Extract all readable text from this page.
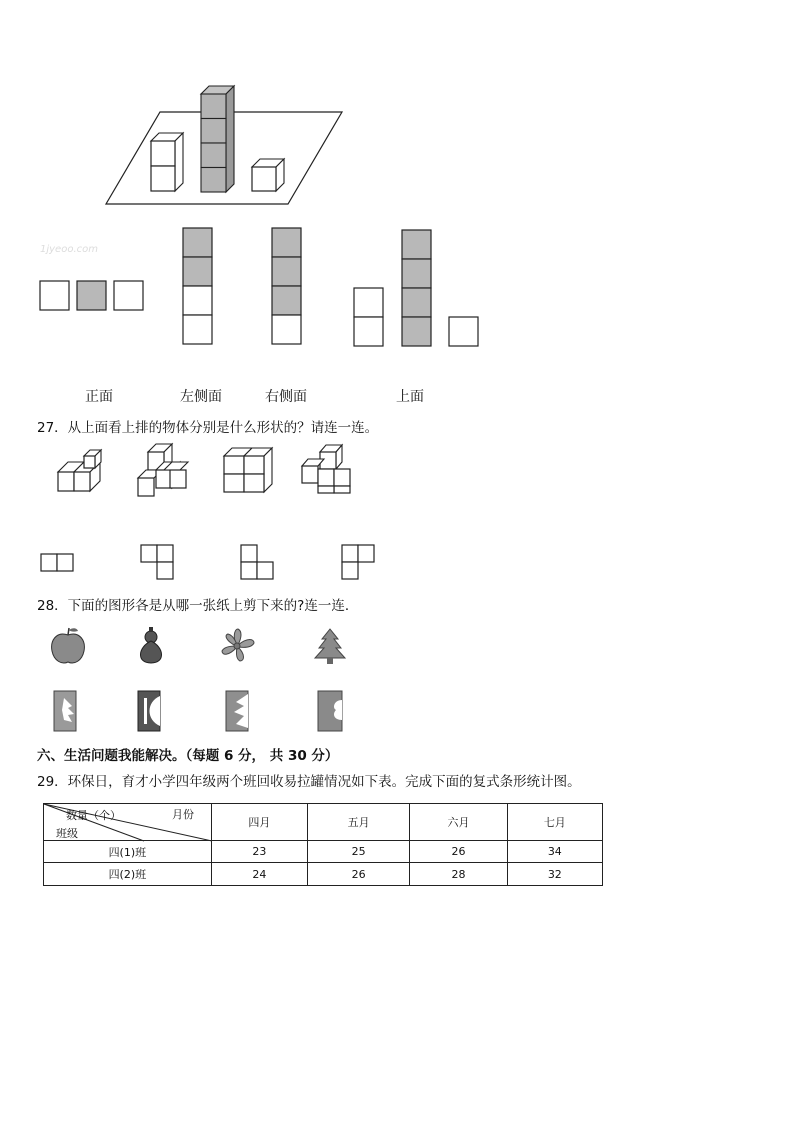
1jyeoo.com
正面	左侧面	右侧面	上面
27．从上面看上排的物体分别是什么形状的？请连一连。
28．下面的图形各是从哪一张纸上剪下来的?连一连．
六、生活问题我能解决。（每题 6 分， 共 30 分）
29．环保日，育才小学四年级两个班回收易拉罐情况如下表。完成下面的复式条形统计图。
数量（个） 月份
班级	四月	五月	六月	七月
四(1)班	23	25	26	34
四(2)班	24	26	28	32
